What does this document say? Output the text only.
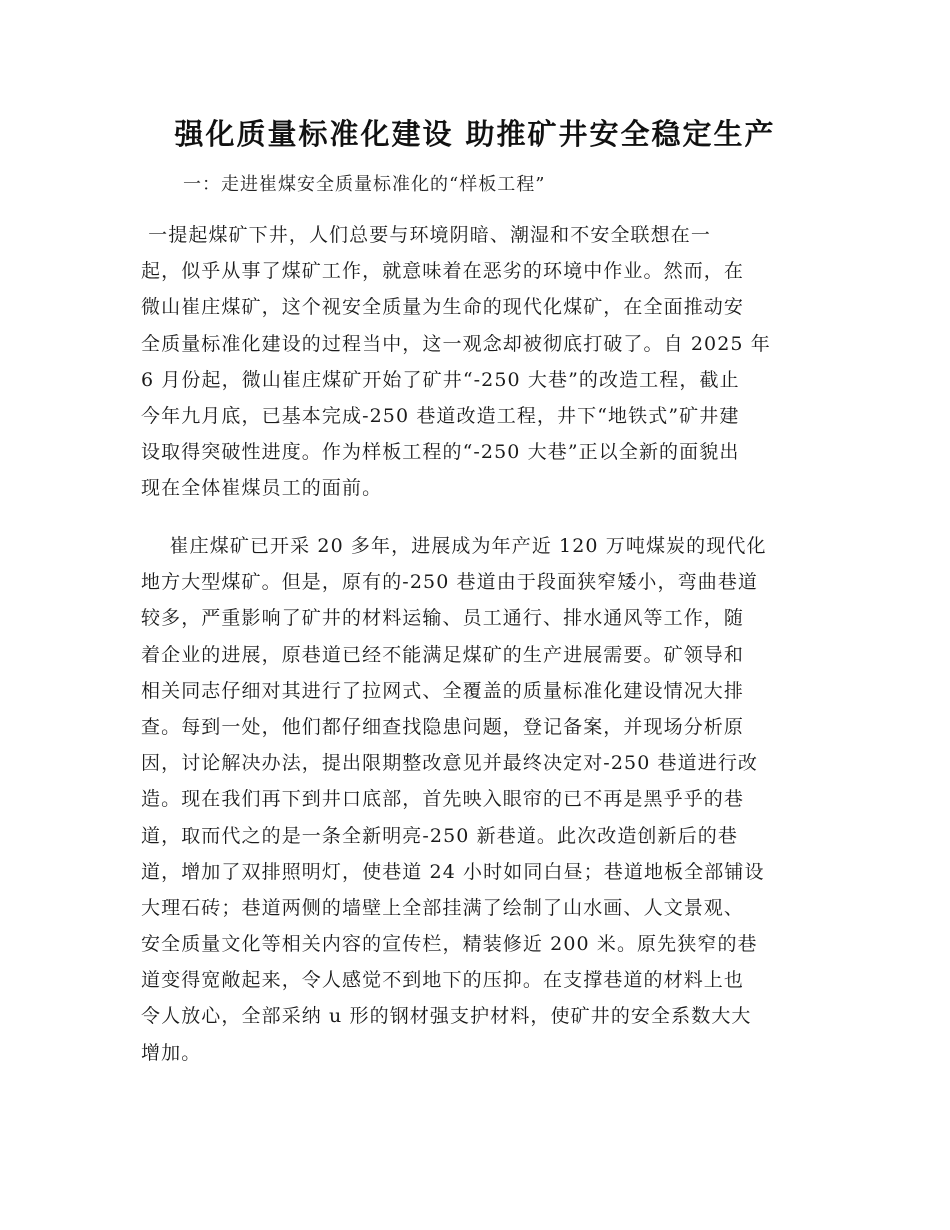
强化质量标准化建设 助推矿井安全稳定生产
一：走进崔煤安全质量标准化的“样板工程”
一提起煤矿下井，人们总要与环境阴暗、潮湿和不安全联想在一
起，似乎从事了煤矿工作，就意味着在恶劣的环境中作业。然而，在
微山崔庄煤矿，这个视安全质量为生命的现代化煤矿，在全面推动安
全质量标准化建设的过程当中，这一观念却被彻底打破了。自 2025 年
6 月份起，微山崔庄煤矿开始了矿井“-250 大巷”的改造工程，截止
今年九月底，已基本完成-250 巷道改造工程，井下“地铁式”矿井建
设取得突破性进度。作为样板工程的“-250 大巷”正以全新的面貌出
现在全体崔煤员工的面前。
崔庄煤矿已开采 20 多年，进展成为年产近 120 万吨煤炭的现代化
地方大型煤矿。但是，原有的-250 巷道由于段面狭窄矮小，弯曲巷道
较多，严重影响了矿井的材料运输、员工通行、排水通风等工作，随
着企业的进展，原巷道已经不能满足煤矿的生产进展需要。矿领导和
相关同志仔细对其进行了拉网式、全覆盖的质量标准化建设情况大排
查。每到一处，他们都仔细查找隐患问题，登记备案，并现场分析原
因，讨论解决办法，提出限期整改意见并最终决定对-250 巷道进行改
造。现在我们再下到井口底部，首先映入眼帘的已不再是黑乎乎的巷
道，取而代之的是一条全新明亮-250 新巷道。此次改造创新后的巷
道，增加了双排照明灯，使巷道 24 小时如同白昼；巷道地板全部铺设
大理石砖；巷道两侧的墙壁上全部挂满了绘制了山水画、人文景观、
安全质量文化等相关内容的宣传栏，精装修近 200 米。原先狭窄的巷
道变得宽敞起来，令人感觉不到地下的压抑。在支撑巷道的材料上也
令人放心，全部采纳 u 形的钢材强支护材料，使矿井的安全系数大大
增加。
